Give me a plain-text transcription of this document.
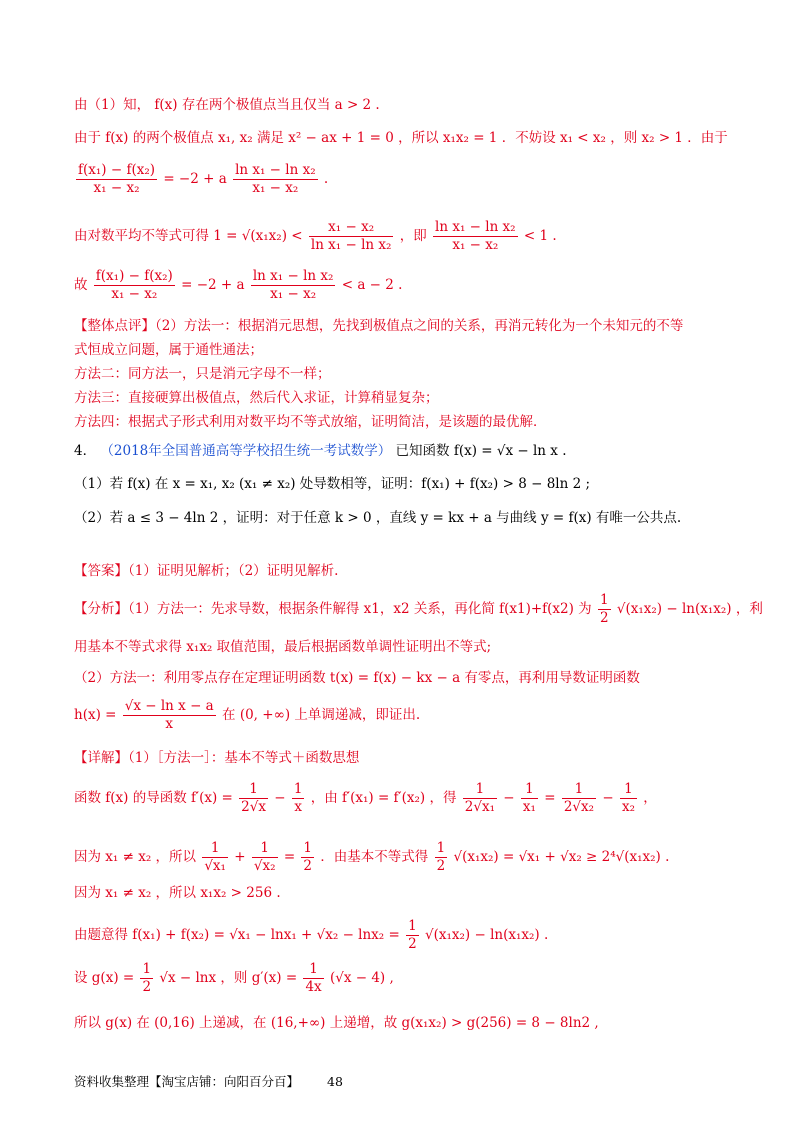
由（1）知， f(x) 存在两个极值点当且仅当 a > 2 .
由于 f(x) 的两个极值点 x₁, x₂ 满足 x² − ax + 1 = 0 ，所以 x₁x₂ = 1 ．不妨设 x₁ < x₂ ，则 x₂ > 1 ．由于
$\frac{\text{f(x₁) − f(x₂)}}{\text{x₁ − x₂}} = -2 + a \frac{\text{ln x₁ − ln x₂}}{\text{x₁ − x₂}}$ .
由对数平均不等式可得 $1 = √(x_1x_2) < \frac{\text{x₁ − x₂}}{\text{ln x₁ − ln x₂}}$ ，即 $\frac{\text{ln x₁ − ln x₂}}{\text{x₁ − x₂}} < 1$ .
故 $\frac{\text{f(x₁) − f(x₂)}}{\text{x₁ − x₂}} = -2 + a \frac{\text{ln x₁ − ln x₂}}{\text{x₁ − x₂}} < a - 2$ .
【整体点评】（2）方法一：根据消元思想，先找到极值点之间的关系，再消元转化为一个未知元的不等
式恒成立问题，属于通性通法；
方法二：同方法一，只是消元字母不一样；
方法三：直接硬算出极值点，然后代入求证，计算稍显复杂；
方法四：根据式子形式利用对数平均不等式放缩，证明简洁，是该题的最优解．
4． （2018年全国普通高等学校招生统一考试数学） 已知函数 f(x) = √x − ln x .
（1）若 f(x) 在 x = x₁, x₂ (x₁ ≠ x₂) 处导数相等，证明：f(x₁) + f(x₂) > 8 − 8ln 2 ;
（2）若 a ≤ 3 − 4ln 2 ，证明：对于任意 k > 0 ，直线 y = kx + a 与曲线 y = f(x) 有唯一公共点.
【答案】（1）证明见解析；（2）证明见解析.
【分析】（1）方法一：先求导数，根据条件解得 x1，x2 关系，再化简 f(x1)+f(x2) 为 $\frac{1}{2} √(x_1x_2) - \ln(x_1x_2)$ ，利
用基本不等式求得 x₁x₂ 取值范围，最后根据函数单调性证明出不等式;
（2）方法一：利用零点存在定理证明函数 t(x) = f(x) − kx − a 有零点，再利用导数证明函数
$h(x) = \frac{\text{√x − ln x − a}}{x}$ 在 (0, +∞) 上单调递减，即证出.
【详解】（1）［方法一］：基本不等式＋函数思想
函数 f(x) 的导函数 $f'(x) = \frac{1}{2√x} - \frac{1}{x}$ ，由 f′(x₁) = f′(x₂) ，得 $\frac{1}{\text{2√x₁}} - \frac{1}{\text{x₁}} = \frac{1}{\text{2√x₂}} - \frac{1}{\text{x₂}}$ ，
因为 x₁ ≠ x₂ ，所以 $\frac{1}{\text{√x₁}} + \frac{1}{\text{√x₂}} = \frac{1}{2}$ ．由基本不等式得 $\frac{1}{2} √(x_1x_2) = √x_1 + √x_2 \ge 2^4√(x_1x_2)$ .
因为 x₁ ≠ x₂ ，所以 x₁x₂ > 256 .
由题意得 $f(x_1) + f(x_2) = √x_1 - \ln x_1 + √x_2 - \ln x_2 = \frac{1}{2} √(x_1x_2) - \ln(x_1x_2)$ .
设 $g(x) = \frac{1}{2} √x - \ln x$ ，则 $g'(x) = \frac{1}{4x} (√x - 4)$ ,
所以 g(x) 在 (0,16) 上递减，在 (16,+∞) 上递增，故 g(x₁x₂) > g(256) = 8 − 8ln2 ,
资料收集整理【淘宝店铺：向阳百分百】 48
